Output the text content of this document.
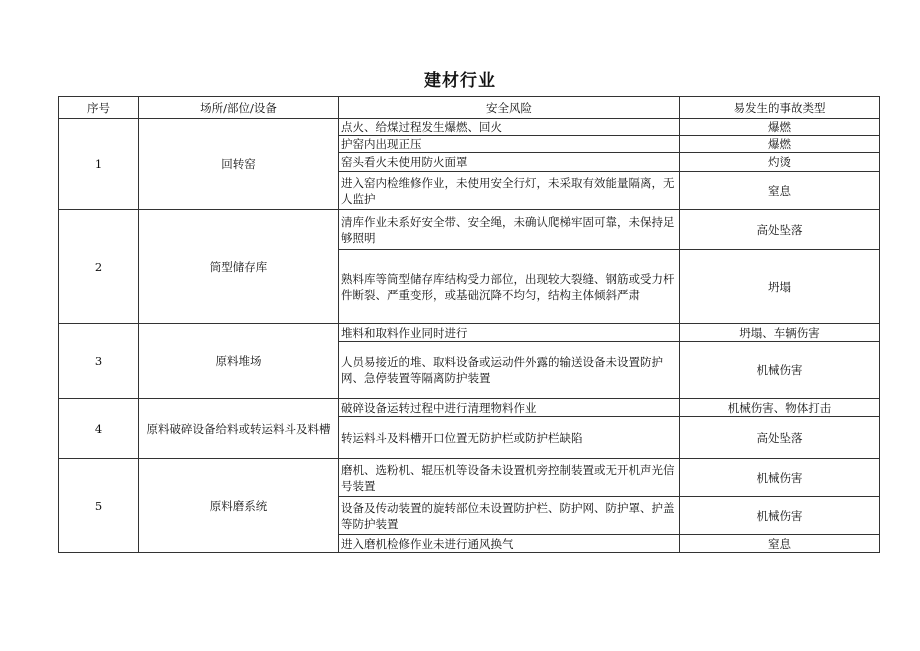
建材行业
序号	场所/部位/设备	安全风险	易发生的事故类型
1	回转窑	点火、给煤过程发生爆燃、回火	爆燃
		护窑内出现正压	爆燃
		窑头看火未使用防火面罩	灼烫
		进入窑内检维修作业，未使用安全行灯，未采取有效能量隔离，无人监护	窒息
2	筒型储存库	清库作业未系好安全带、安全绳，未确认爬梯牢固可靠，未保持足够照明	高处坠落
		熟料库等筒型储存库结构受力部位，出现较大裂缝、钢筋或受力杆件断裂、严重变形，或基础沉降不均匀，结构主体倾斜严肃	坍塌
3	原料堆场	堆料和取料作业同时进行	坍塌、车辆伤害
		人员易接近的堆、取料设备或运动件外露的输送设备未设置防护网、急停装置等隔离防护装置	机械伤害
4	原料破碎设备给料或转运料斗及料槽	破碎设备运转过程中进行清理物料作业	机械伤害、物体打击
		转运料斗及料槽开口位置无防护栏或防护栏缺陷	高处坠落
5	原料磨系统	磨机、选粉机、辊压机等设备未设置机旁控制装置或无开机声光信号装置	机械伤害
		设备及传动装置的旋转部位未设置防护栏、防护网、防护罩、护盖等防护装置	机械伤害
		进入磨机检修作业未进行通风换气	窒息
